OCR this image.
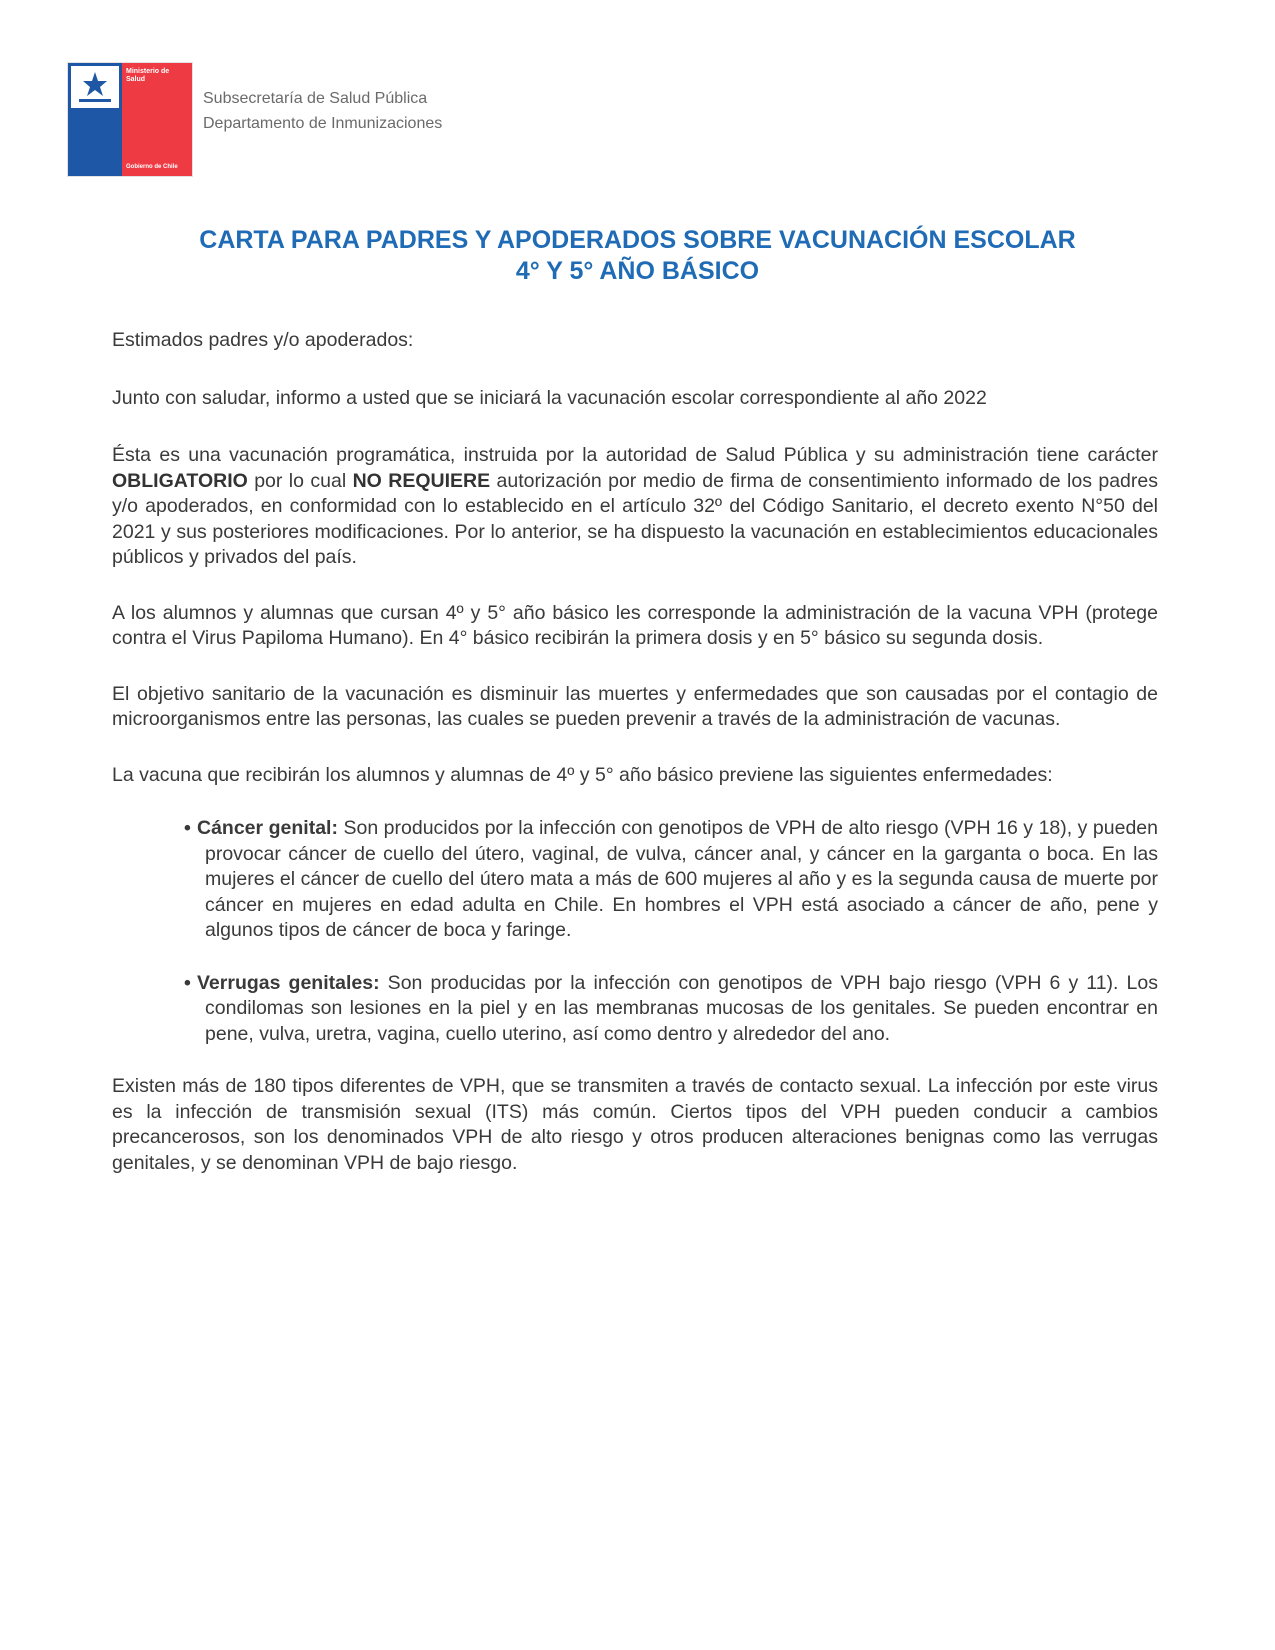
Ministerio de
Salud
Gobierno de Chile
Subsecretaría de Salud Pública
Departamento de Inmunizaciones
CARTA PARA PADRES Y APODERADOS SOBRE VACUNACIÓN ESCOLAR
4° Y 5° AÑO BÁSICO

Estimados padres y/o apoderados:

Junto con saludar, informo a usted que se iniciará la vacunación escolar correspondiente al año 2022

Ésta es una vacunación programática, instruida por la autoridad de Salud Pública y su administración tiene carácter OBLIGATORIO por lo cual NO REQUIERE autorización por medio de firma de consentimiento informado de los padres y/o apoderados, en conformidad con lo establecido en el artículo 32º del Código Sanitario, el decreto exento N°50 del 2021 y sus posteriores modificaciones. Por lo anterior, se ha dispuesto la vacunación en establecimientos educacionales públicos y privados del país.

A los alumnos y alumnas que cursan 4º y 5° año básico les corresponde la administración de la vacuna VPH (protege contra el Virus Papiloma Humano). En 4° básico recibirán la primera dosis y en 5° básico su segunda dosis.

El objetivo sanitario de la vacunación es disminuir las muertes y enfermedades que son causadas por el contagio de microorganismos entre las personas, las cuales se pueden prevenir a través de la administración de vacunas.

La vacuna que recibirán los alumnos y alumnas de 4º y 5° año básico previene las siguientes enfermedades:

• Cáncer genital: Son producidos por la infección con genotipos de VPH de alto riesgo (VPH 16 y 18), y pueden provocar cáncer de cuello del útero, vaginal, de vulva, cáncer anal, y cáncer en la garganta o boca. En las mujeres el cáncer de cuello del útero mata a más de 600 mujeres al año y es la segunda causa de muerte por cáncer en mujeres en edad adulta en Chile. En hombres el VPH está asociado a cáncer de año, pene y algunos tipos de cáncer de boca y faringe.
• Verrugas genitales: Son producidas por la infección con genotipos de VPH bajo riesgo (VPH 6 y 11). Los condilomas son lesiones en la piel y en las membranas mucosas de los genitales. Se pueden encontrar en pene, vulva, uretra, vagina, cuello uterino, así como dentro y alrededor del ano.

Existen más de 180 tipos diferentes de VPH, que se transmiten a través de contacto sexual. La infección por este virus es la infección de transmisión sexual (ITS) más común. Ciertos tipos del VPH pueden conducir a cambios precancerosos, son los denominados VPH de alto riesgo y otros producen alteraciones benignas como las verrugas genitales, y se denominan VPH de bajo riesgo.
